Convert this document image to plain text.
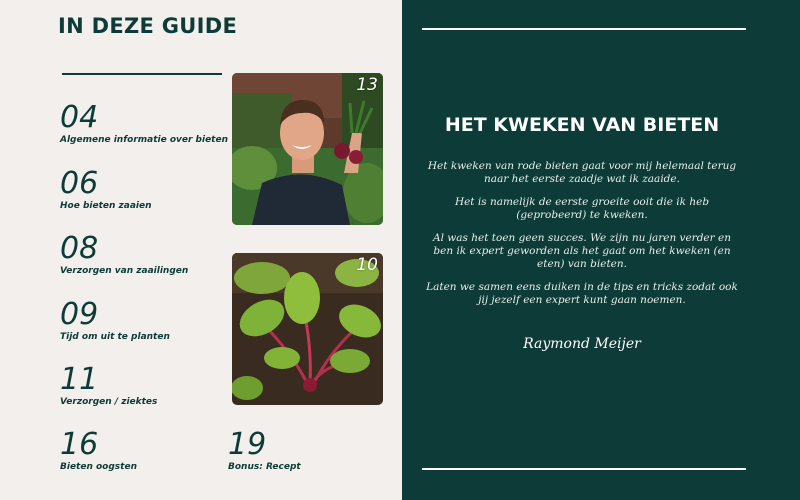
IN DEZE GUIDE
04
Algemene informatie over bieten
06
Hoe bieten zaaien
08
Verzorgen van zaailingen
09
Tijd om uit te planten
11
Verzorgen / ziektes
16
Bieten oogsten
19
Bonus: Recept
13
10
HET KWEKEN VAN BIETEN

Het kweken van rode bieten gaat voor mij helemaal terug naar het eerste zaadje wat ik zaaide.

Het is namelijk de eerste groeite ooit die ik heb (geprobeerd) te kweken.

Al was het toen geen succes. We zijn nu jaren verder en ben ik expert geworden als het gaat om het kweken (en eten) van bieten.

Laten we samen eens duiken in de tips en tricks zodat ook jij jezelf een expert kunt gaan noemen.

Raymond Meijer
